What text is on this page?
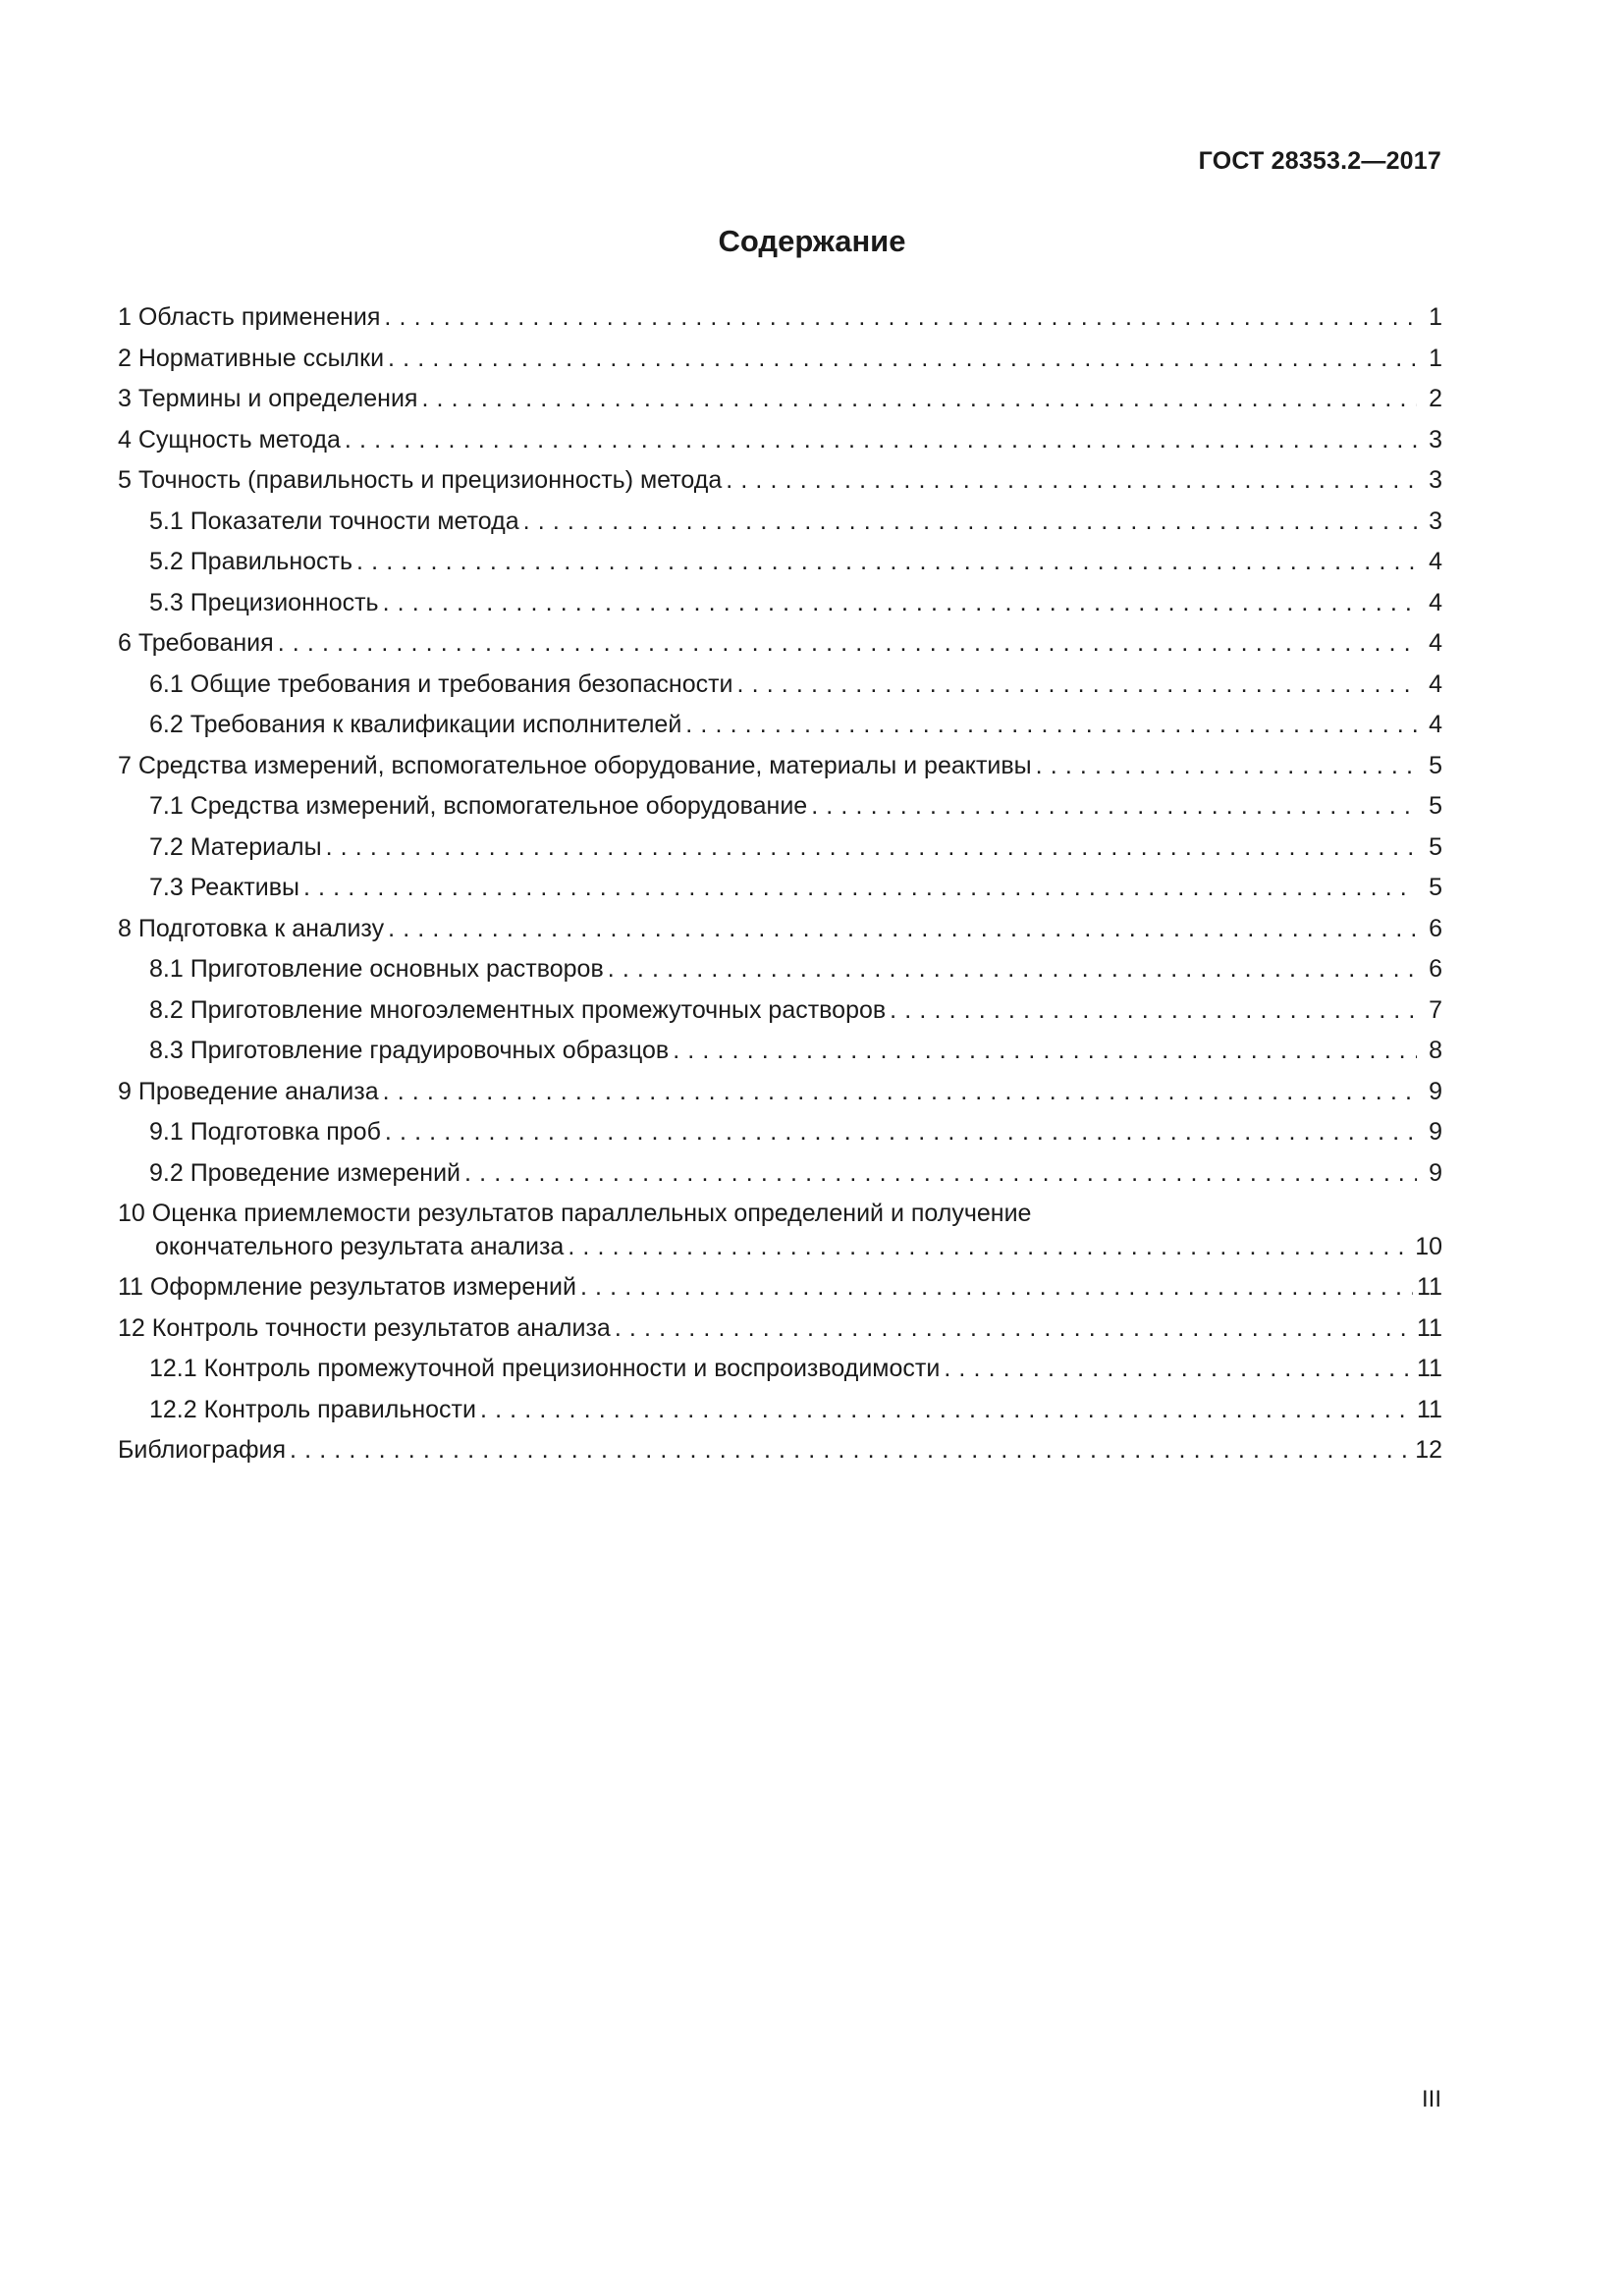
ГОСТ 28353.2—2017
Содержание
1 Область применения . . .	1
2 Нормативные ссылки . . .	1
3 Термины и определения . . .	2
4 Сущность метода . . .	3
5 Точность (правильность и прецизионность) метода . . .	3
5.1 Показатели точности метода . . .	3
5.2 Правильность . . .	4
5.3 Прецизионность . . .	4
6 Требования . . .	4
6.1 Общие требования и требования безопасности . . .	4
6.2 Требования к квалификации исполнителей . . .	4
7 Средства измерений, вспомогательное оборудование, материалы и реактивы . . .	5
7.1 Средства измерений, вспомогательное оборудование . . .	5
7.2 Материалы . . .	5
7.3 Реактивы . . .	5
8 Подготовка к анализу . . .	6
8.1 Приготовление основных растворов . . .	6
8.2 Приготовление многоэлементных промежуточных растворов . . .	7
8.3 Приготовление градуировочных образцов . . .	8
9 Проведение анализа . . .	9
9.1 Подготовка проб . . .	9
9.2 Проведение измерений . . .	9
10 Оценка приемлемости результатов параллельных определений и получение
окончательного результата анализа . . .	10
11 Оформление результатов измерений . . .	11
12 Контроль точности результатов анализа . . .	11
12.1 Контроль промежуточной прецизионности и воспроизводимости . . .	11
12.2 Контроль правильности . . .	11
Библиография . . .	12
III
